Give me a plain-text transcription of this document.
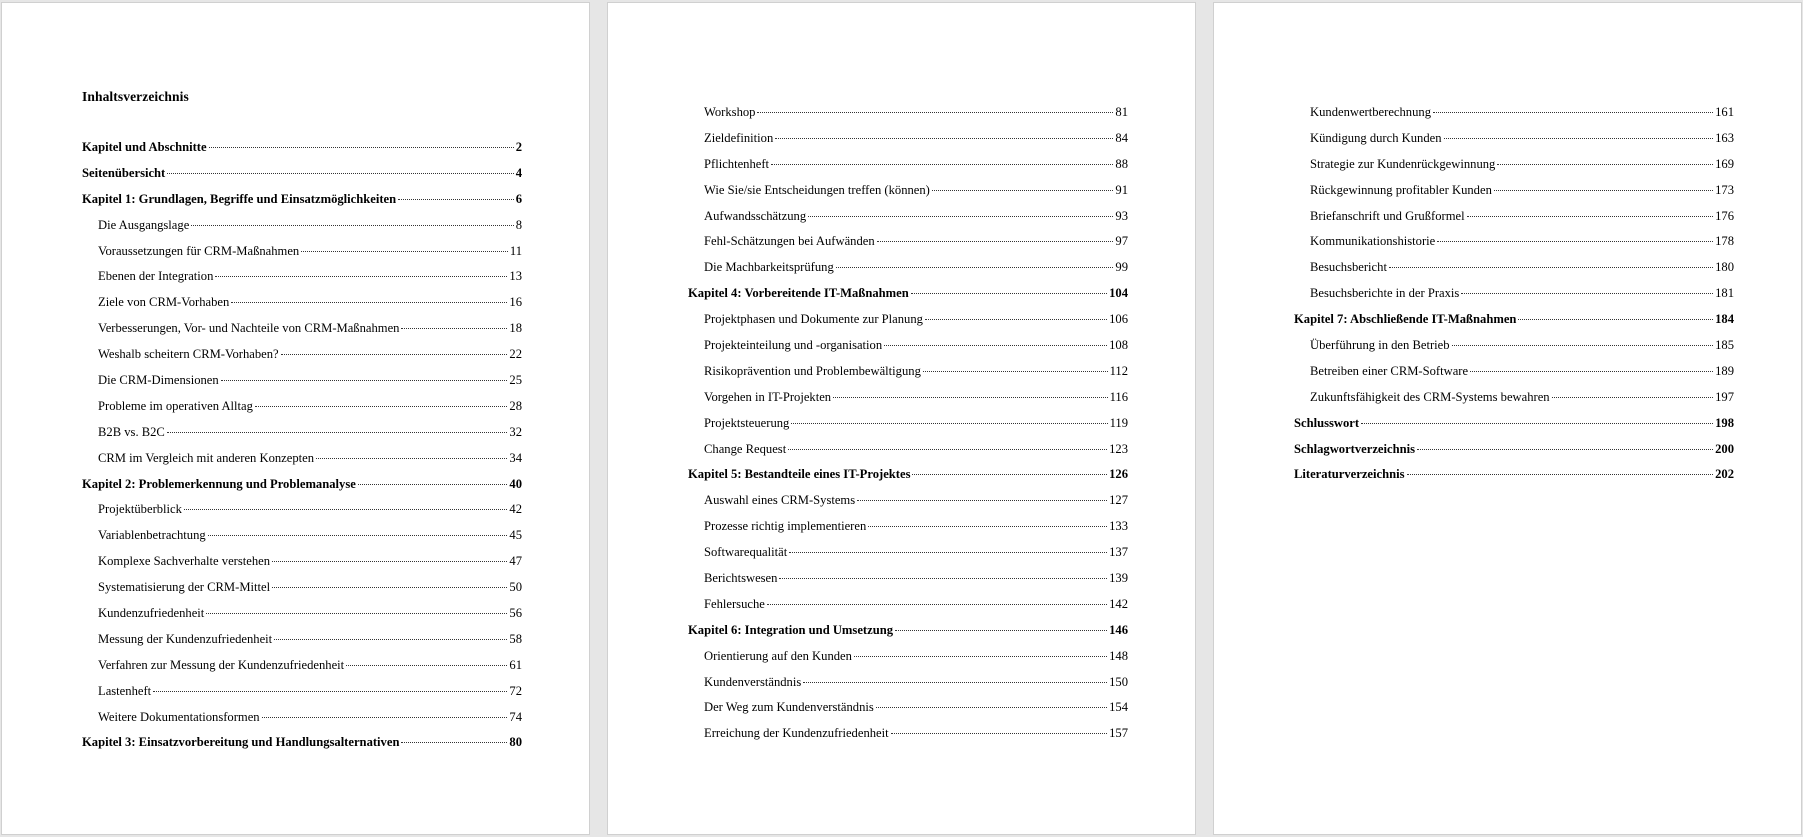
Inhaltsverzeichnis
Kapitel und Abschnitte	2
Seitenübersicht	4
Kapitel 1: Grundlagen, Begriffe und Einsatzmöglichkeiten	6
Die Ausgangslage	8
Voraussetzungen für CRM-Maßnahmen	11
Ebenen der Integration	13
Ziele von CRM-Vorhaben	16
Verbesserungen, Vor- und Nachteile von CRM-Maßnahmen	18
Weshalb scheitern CRM-Vorhaben?	22
Die CRM-Dimensionen	25
Probleme im operativen Alltag	28
B2B vs. B2C	32
CRM im Vergleich mit anderen Konzepten	34
Kapitel 2: Problemerkennung und Problemanalyse	40
Projektüberblick	42
Variablenbetrachtung	45
Komplexe Sachverhalte verstehen	47
Systematisierung der CRM-Mittel	50
Kundenzufriedenheit	56
Messung der Kundenzufriedenheit	58
Verfahren zur Messung der Kundenzufriedenheit	61
Lastenheft	72
Weitere Dokumentationsformen	74
Kapitel 3: Einsatzvorbereitung und Handlungsalternativen	80
Workshop	81
Zieldefinition	84
Pflichtenheft	88
Wie Sie/sie Entscheidungen treffen (können)	91
Aufwandsschätzung	93
Fehl-Schätzungen bei Aufwänden	97
Die Machbarkeitsprüfung	99
Kapitel 4: Vorbereitende IT-Maßnahmen	104
Projektphasen und Dokumente zur Planung	106
Projekteinteilung und -organisation	108
Risikoprävention und Problembewältigung	112
Vorgehen in IT-Projekten	116
Projektsteuerung	119
Change Request	123
Kapitel 5: Bestandteile eines IT-Projektes	126
Auswahl eines CRM-Systems	127
Prozesse richtig implementieren	133
Softwarequalität	137
Berichtswesen	139
Fehlersuche	142
Kapitel 6: Integration und Umsetzung	146
Orientierung auf den Kunden	148
Kundenverständnis	150
Der Weg zum Kundenverständnis	154
Erreichung der Kundenzufriedenheit	157
Kundenwertberechnung	161
Kündigung durch Kunden	163
Strategie zur Kundenrückgewinnung	169
Rückgewinnung profitabler Kunden	173
Briefanschrift und Grußformel	176
Kommunikationshistorie	178
Besuchsbericht	180
Besuchsberichte in der Praxis	181
Kapitel 7: Abschließende IT-Maßnahmen	184
Überführung in den Betrieb	185
Betreiben einer CRM-Software	189
Zukunftsfähigkeit des CRM-Systems bewahren	197
Schlusswort	198
Schlagwortverzeichnis	200
Literaturverzeichnis	202
